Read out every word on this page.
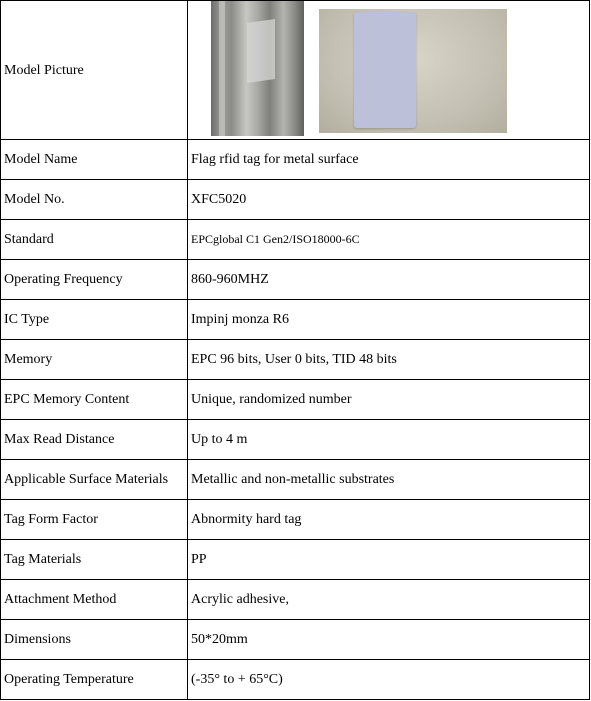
Model Picture	

Model Name	Flag rfid tag for metal surface
Model No.	XFC5020
Standard	EPCglobal C1 Gen2/ISO18000-6C
Operating Frequency	860-960MHZ
IC Type	Impinj monza R6
Memory	EPC 96 bits, User 0 bits, TID 48 bits
EPC Memory Content	Unique, randomized number
Max Read Distance	Up to 4 m
Applicable Surface Materials	Metallic and non-metallic substrates
Tag Form Factor	Abnormity hard tag
Tag Materials	PP
Attachment Method	Acrylic adhesive,
Dimensions	50*20mm
Operating Temperature	(-35° to + 65°C)
